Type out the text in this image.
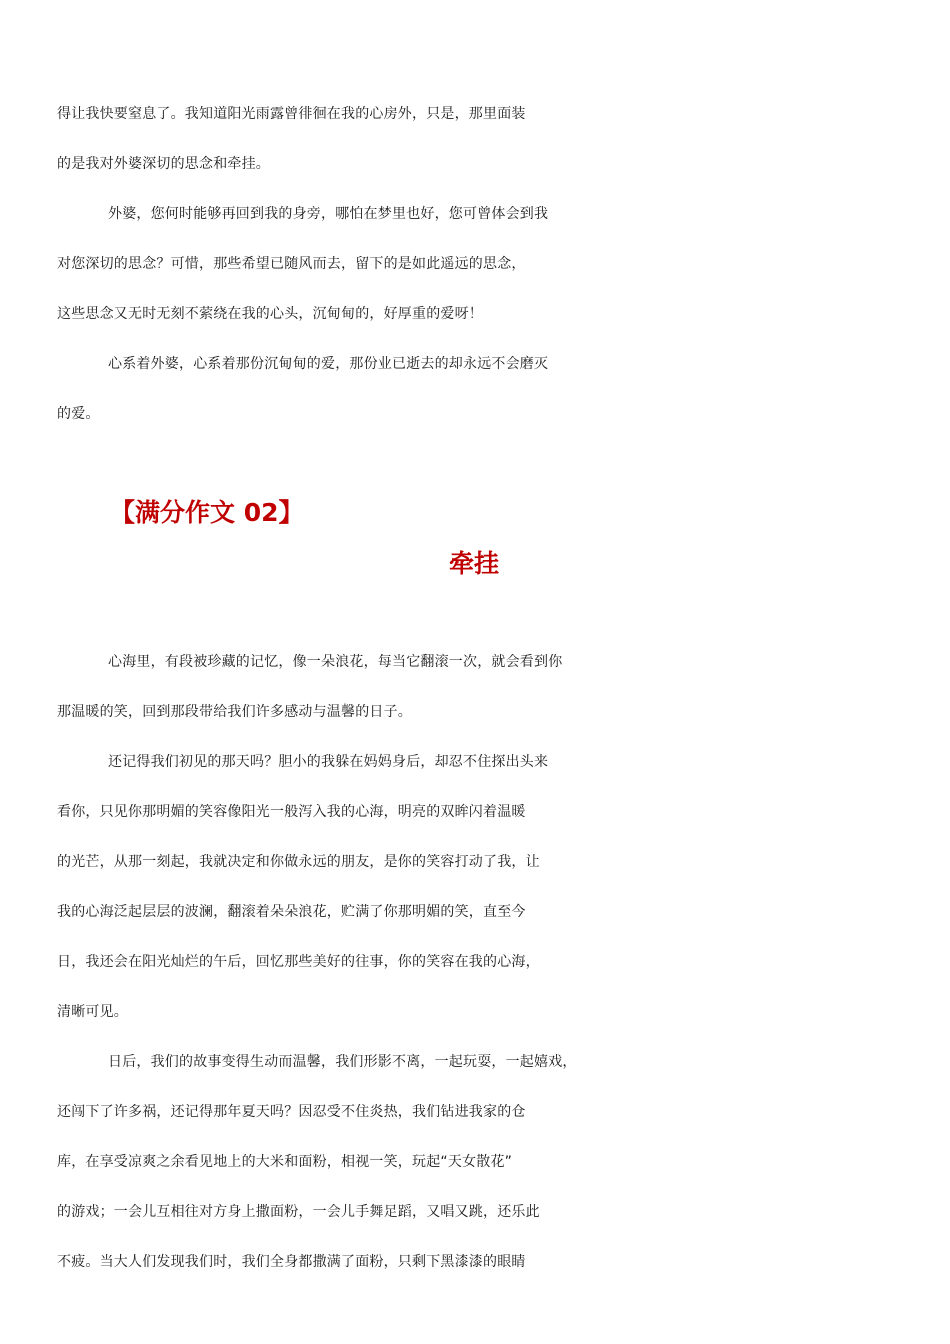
得让我快要窒息了。我知道阳光雨露曾徘徊在我的心房外，只是，那里面装
的是我对外婆深切的思念和牵挂。
外婆，您何时能够再回到我的身旁，哪怕在梦里也好，您可曾体会到我
对您深切的思念？可惜，那些希望已随风而去，留下的是如此遥远的思念，
这些思念又无时无刻不萦绕在我的心头，沉甸甸的，好厚重的爱呀！
心系着外婆，心系着那份沉甸甸的爱，那份业已逝去的却永远不会磨灭
的爱。
【满分作文 02】
牵挂
心海里，有段被珍藏的记忆，像一朵浪花，每当它翻滚一次，就会看到你
那温暖的笑，回到那段带给我们许多感动与温馨的日子。
还记得我们初见的那天吗？胆小的我躲在妈妈身后，却忍不住探出头来
看你，只见你那明媚的笑容像阳光一般泻入我的心海，明亮的双眸闪着温暖
的光芒，从那一刻起，我就决定和你做永远的朋友，是你的笑容打动了我，让
我的心海泛起层层的波澜，翻滚着朵朵浪花，贮满了你那明媚的笑，直至今
日，我还会在阳光灿烂的午后，回忆那些美好的往事，你的笑容在我的心海，
清晰可见。
日后，我们的故事变得生动而温馨，我们形影不离，一起玩耍，一起嬉戏，
还闯下了许多祸，还记得那年夏天吗？因忍受不住炎热，我们钻进我家的仓
库，在享受凉爽之余看见地上的大米和面粉，相视一笑，玩起“天女散花”
的游戏；一会儿互相往对方身上撒面粉，一会儿手舞足蹈，又唱又跳，还乐此
不疲。当大人们发现我们时，我们全身都撒满了面粉，只剩下黑漆漆的眼睛
